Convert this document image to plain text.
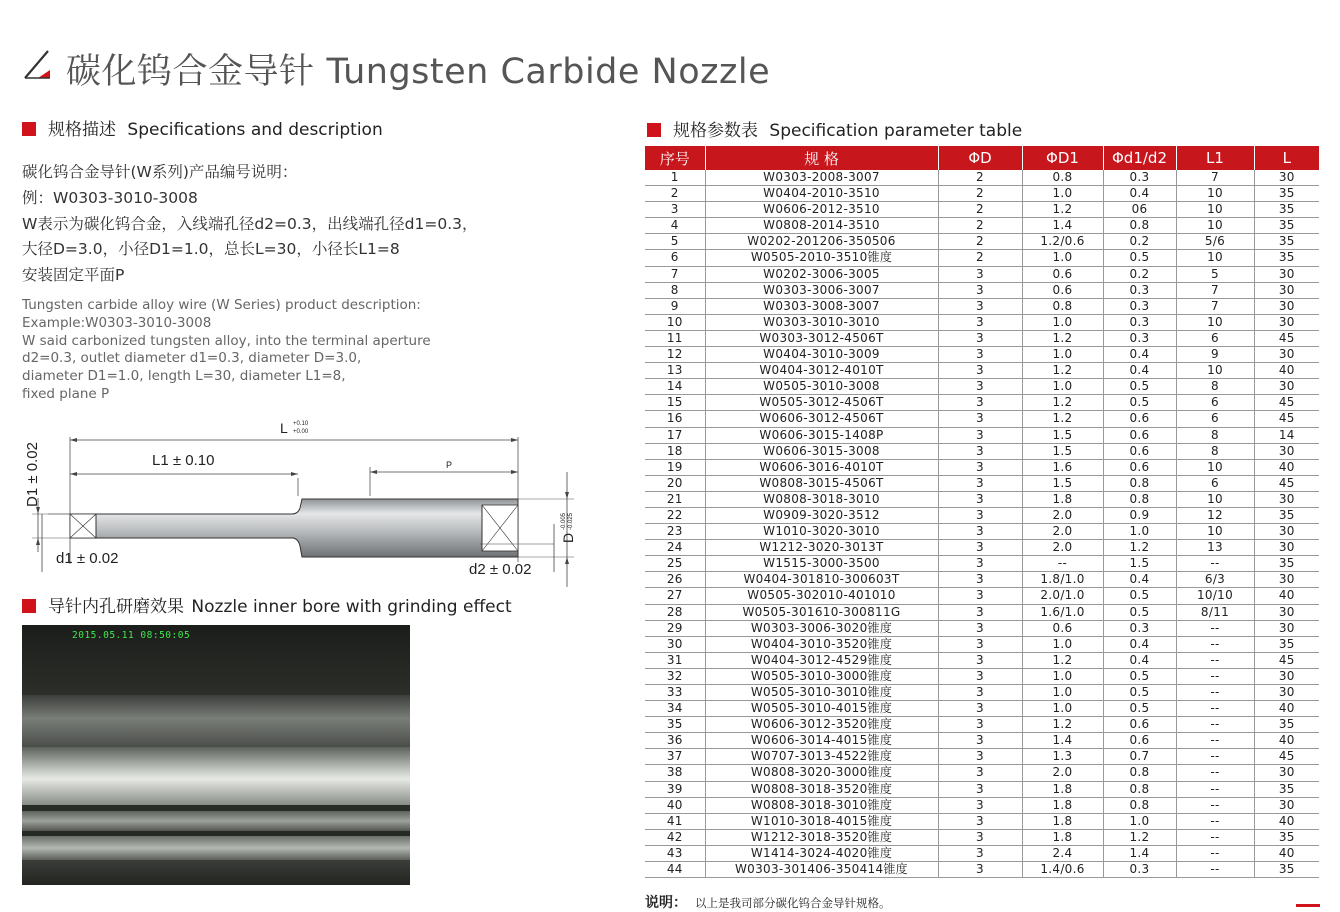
碳化钨合金导针 Tungsten Carbide Nozzle
规格描述 Specifications and description
碳化钨合金导针(W系列)产品编号说明：
例：W0303-3010-3008
W表示为碳化钨合金，入线端孔径d2=0.3，出线端孔径d1=0.3，
大径D=3.0，小径D1=1.0，总长L=30，小径长L1=8
安装固定平面P
Tungsten carbide alloy wire (W Series) product description:
Example:W0303-3010-3008
W said carbonized tungsten alloy, into the terminal aperture
d2=0.3, outlet diameter d1=0.3, diameter D=3.0,
diameter D1=1.0, length L=30, diameter L1=8,
fixed plane P
L +0.10
+0.00
L1 ± 0.10	P
D1 ± 0.02
d1 ± 0.02
D
-0.005 -0.025
d2 ± 0.02
导针内孔研磨效果 Nozzle inner bore with grinding effect
2015.05.11 08:50:05
规格参数表 Specification parameter table
序号	规 格	ΦD	ΦD1	Φd1/d2	L1	L
1	W0303-2008-3007	2	0.8	0.3	7	30
2	W0404-2010-3510	2	1.0	0.4	10	35
3	W0606-2012-3510	2	1.2	06	10	35
4	W0808-2014-3510	2	1.4	0.8	10	35
5	W0202-201206-350506	2	1.2/0.6	0.2	5/6	35
6	W0505-2010-3510锥度	2	1.0	0.5	10	35
7	W0202-3006-3005	3	0.6	0.2	5	30
8	W0303-3006-3007	3	0.6	0.3	7	30
9	W0303-3008-3007	3	0.8	0.3	7	30
10	W0303-3010-3010	3	1.0	0.3	10	30
11	W0303-3012-4506T	3	1.2	0.3	6	45
12	W0404-3010-3009	3	1.0	0.4	9	30
13	W0404-3012-4010T	3	1.2	0.4	10	40
14	W0505-3010-3008	3	1.0	0.5	8	30
15	W0505-3012-4506T	3	1.2	0.5	6	45
16	W0606-3012-4506T	3	1.2	0.6	6	45
17	W0606-3015-1408P	3	1.5	0.6	8	14
18	W0606-3015-3008	3	1.5	0.6	8	30
19	W0606-3016-4010T	3	1.6	0.6	10	40
20	W0808-3015-4506T	3	1.5	0.8	6	45
21	W0808-3018-3010	3	1.8	0.8	10	30
22	W0909-3020-3512	3	2.0	0.9	12	35
23	W1010-3020-3010	3	2.0	1.0	10	30
24	W1212-3020-3013T	3	2.0	1.2	13	30
25	W1515-3000-3500	3	--	1.5	--	35
26	W0404-301810-300603T	3	1.8/1.0	0.4	6/3	30
27	W0505-302010-401010	3	2.0/1.0	0.5	10/10	40
28	W0505-301610-300811G	3	1.6/1.0	0.5	8/11	30
29	W0303-3006-3020锥度	3	0.6	0.3	--	30
30	W0404-3010-3520锥度	3	1.0	0.4	--	35
31	W0404-3012-4529锥度	3	1.2	0.4	--	45
32	W0505-3010-3000锥度	3	1.0	0.5	--	30
33	W0505-3010-3010锥度	3	1.0	0.5	--	30
34	W0505-3010-4015锥度	3	1.0	0.5	--	40
35	W0606-3012-3520锥度	3	1.2	0.6	--	35
36	W0606-3014-4015锥度	3	1.4	0.6	--	40
37	W0707-3013-4522锥度	3	1.3	0.7	--	45
38	W0808-3020-3000锥度	3	2.0	0.8	--	30
39	W0808-3018-3520锥度	3	1.8	0.8	--	35
40	W0808-3018-3010锥度	3	1.8	0.8	--	30
41	W1010-3018-4015锥度	3	1.8	1.0	--	40
42	W1212-3018-3520锥度	3	1.8	1.2	--	35
43	W1414-3024-4020锥度	3	2.4	1.4	--	40
44	W0303-301406-350414锥度	3	1.4/0.6	0.3	--	35
说明： 以上是我司部分碳化钨合金导针规格。
